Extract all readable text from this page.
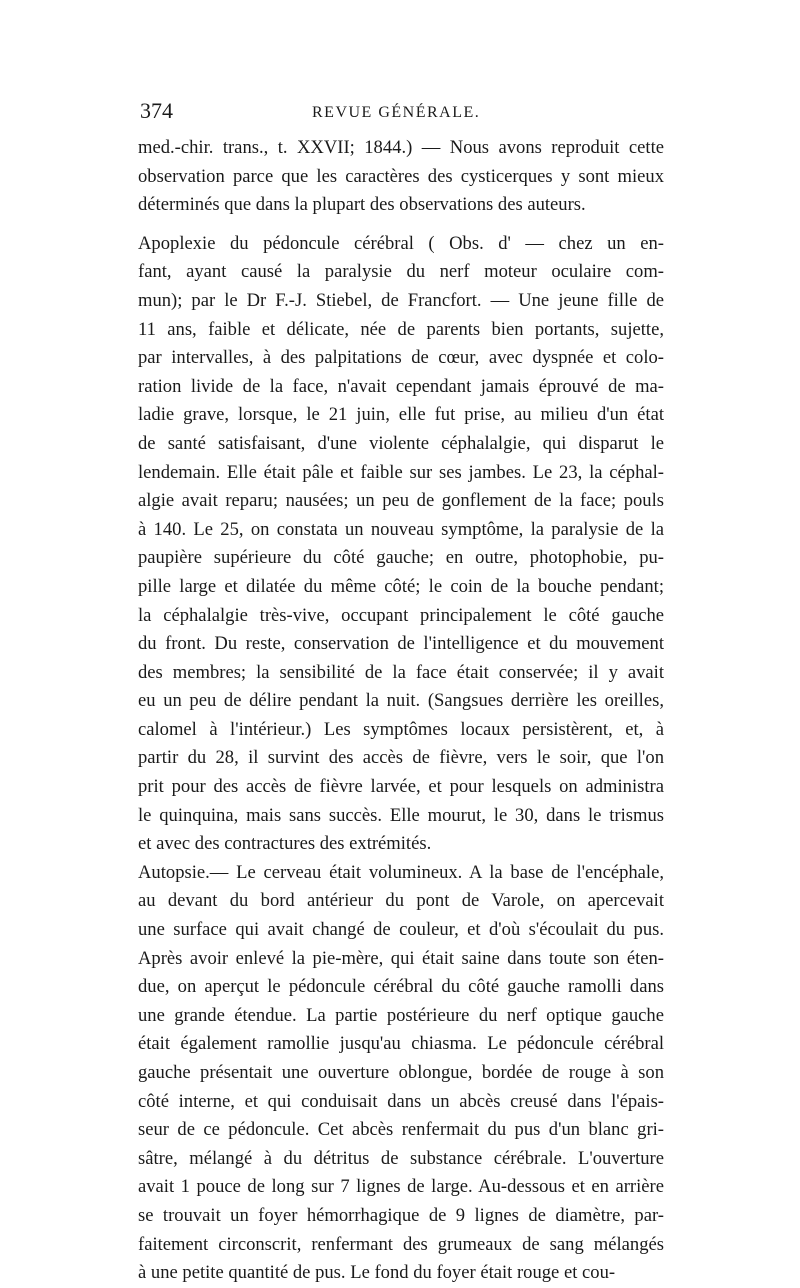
374	REVUE GÉNÉRALE.
med.-chir. trans., t. XXVII; 1844.) — Nous avons reproduit cette
observation parce que les caractères des cysticerques y sont mieux
déterminés que dans la plupart des observations des auteurs.
Apoplexie du pédoncule cérébral ( Obs. d' — chez un en-
fant, ayant causé la paralysie du nerf moteur oculaire com-
mun); par le Dr F.-J. Stiebel, de Francfort. — Une jeune fille de
11 ans, faible et délicate, née de parents bien portants, sujette,
par intervalles, à des palpitations de cœur, avec dyspnée et colo-
ration livide de la face, n'avait cependant jamais éprouvé de ma-
ladie grave, lorsque, le 21 juin, elle fut prise, au milieu d'un état
de santé satisfaisant, d'une violente céphalalgie, qui disparut le
lendemain. Elle était pâle et faible sur ses jambes. Le 23, la céphal-
algie avait reparu; nausées; un peu de gonflement de la face; pouls
à 140. Le 25, on constata un nouveau symptôme, la paralysie de la
paupière supérieure du côté gauche; en outre, photophobie, pu-
pille large et dilatée du même côté; le coin de la bouche pendant;
la céphalalgie très-vive, occupant principalement le côté gauche
du front. Du reste, conservation de l'intelligence et du mouvement
des membres; la sensibilité de la face était conservée; il y avait
eu un peu de délire pendant la nuit. (Sangsues derrière les oreilles,
calomel à l'intérieur.) Les symptômes locaux persistèrent, et, à
partir du 28, il survint des accès de fièvre, vers le soir, que l'on
prit pour des accès de fièvre larvée, et pour lesquels on administra
le quinquina, mais sans succès. Elle mourut, le 30, dans le trismus
et avec des contractures des extrémités.
Autopsie.— Le cerveau était volumineux. A la base de l'encéphale,
au devant du bord antérieur du pont de Varole, on apercevait
une surface qui avait changé de couleur, et d'où s'écoulait du pus.
Après avoir enlevé la pie-mère, qui était saine dans toute son éten-
due, on aperçut le pédoncule cérébral du côté gauche ramolli dans
une grande étendue. La partie postérieure du nerf optique gauche
était également ramollie jusqu'au chiasma. Le pédoncule cérébral
gauche présentait une ouverture oblongue, bordée de rouge à son
côté interne, et qui conduisait dans un abcès creusé dans l'épais-
seur de ce pédoncule. Cet abcès renfermait du pus d'un blanc gri-
sâtre, mélangé à du détritus de substance cérébrale. L'ouverture
avait 1 pouce de long sur 7 lignes de large. Au-dessous et en arrière
se trouvait un foyer hémorrhagique de 9 lignes de diamètre, par-
faitement circonscrit, renfermant des grumeaux de sang mélangés
à une petite quantité de pus. Le fond du foyer était rouge et cou-
